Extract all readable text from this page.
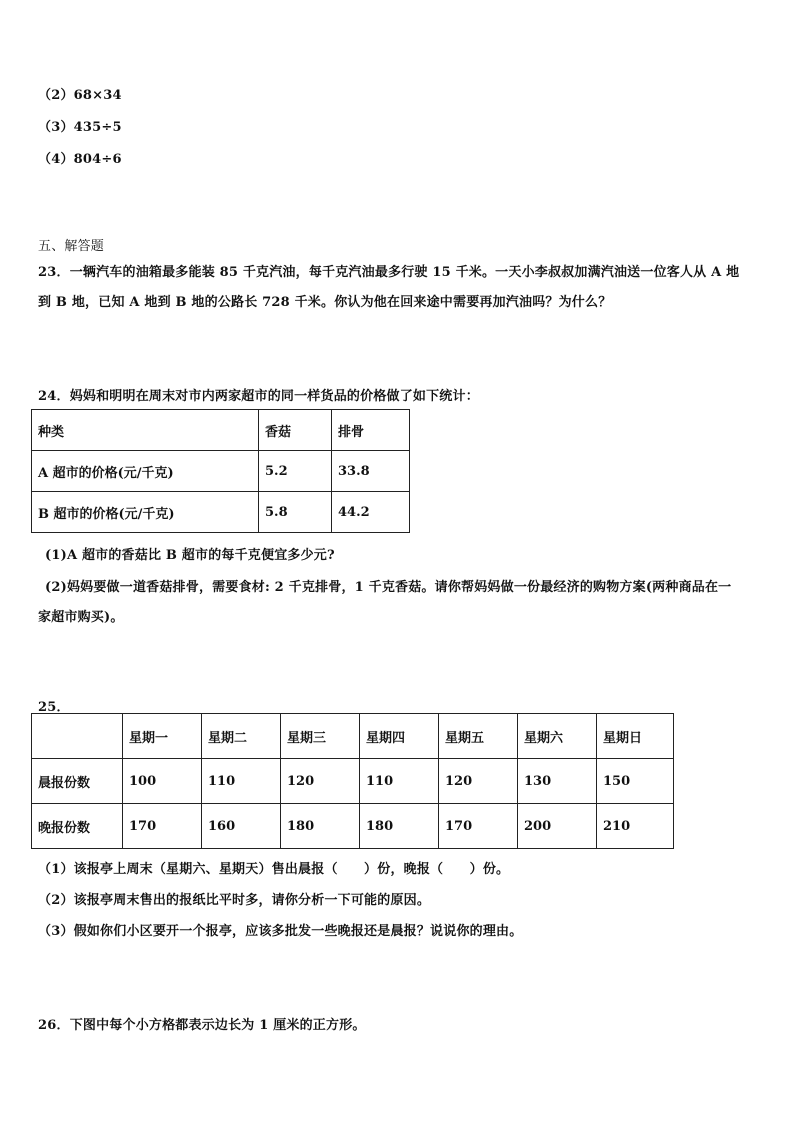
（2）68×34
（3）435÷5
（4）804÷6
五、解答题
23．一辆汽车的油箱最多能装 85 千克汽油，每千克汽油最多行驶 15 千米。一天小李叔叔加满汽油送一位客人从 A 地
到 B 地，已知 A 地到 B 地的公路长 728 千米。你认为他在回来途中需要再加汽油吗？为什么？
24．妈妈和明明在周末对市内两家超市的同一样货品的价格做了如下统计：
种类	香菇	排骨
A 超市的价格(元/千克)	5.2	33.8
B 超市的价格(元/千克)	5.8	44.2
(1)A 超市的香菇比 B 超市的每千克便宜多少元?
(2)妈妈要做一道香菇排骨，需要食材: 2 千克排骨，1 千克香菇。请你帮妈妈做一份最经济的购物方案(两种商品在一
家超市购买)。
25．
	星期一	星期二	星期三	星期四	星期五	星期六	星期日
晨报份数	100	110	120	110	120	130	150
晚报份数	170	160	180	180	170	200	210
（1）该报亭上周末（星期六、星期天）售出晨报（　　）份，晚报（　　）份。
（2）该报亭周末售出的报纸比平时多，请你分析一下可能的原因。
（3）假如你们小区要开一个报亭，应该多批发一些晚报还是晨报？说说你的理由。
26．下图中每个小方格都表示边长为 1 厘米的正方形。
